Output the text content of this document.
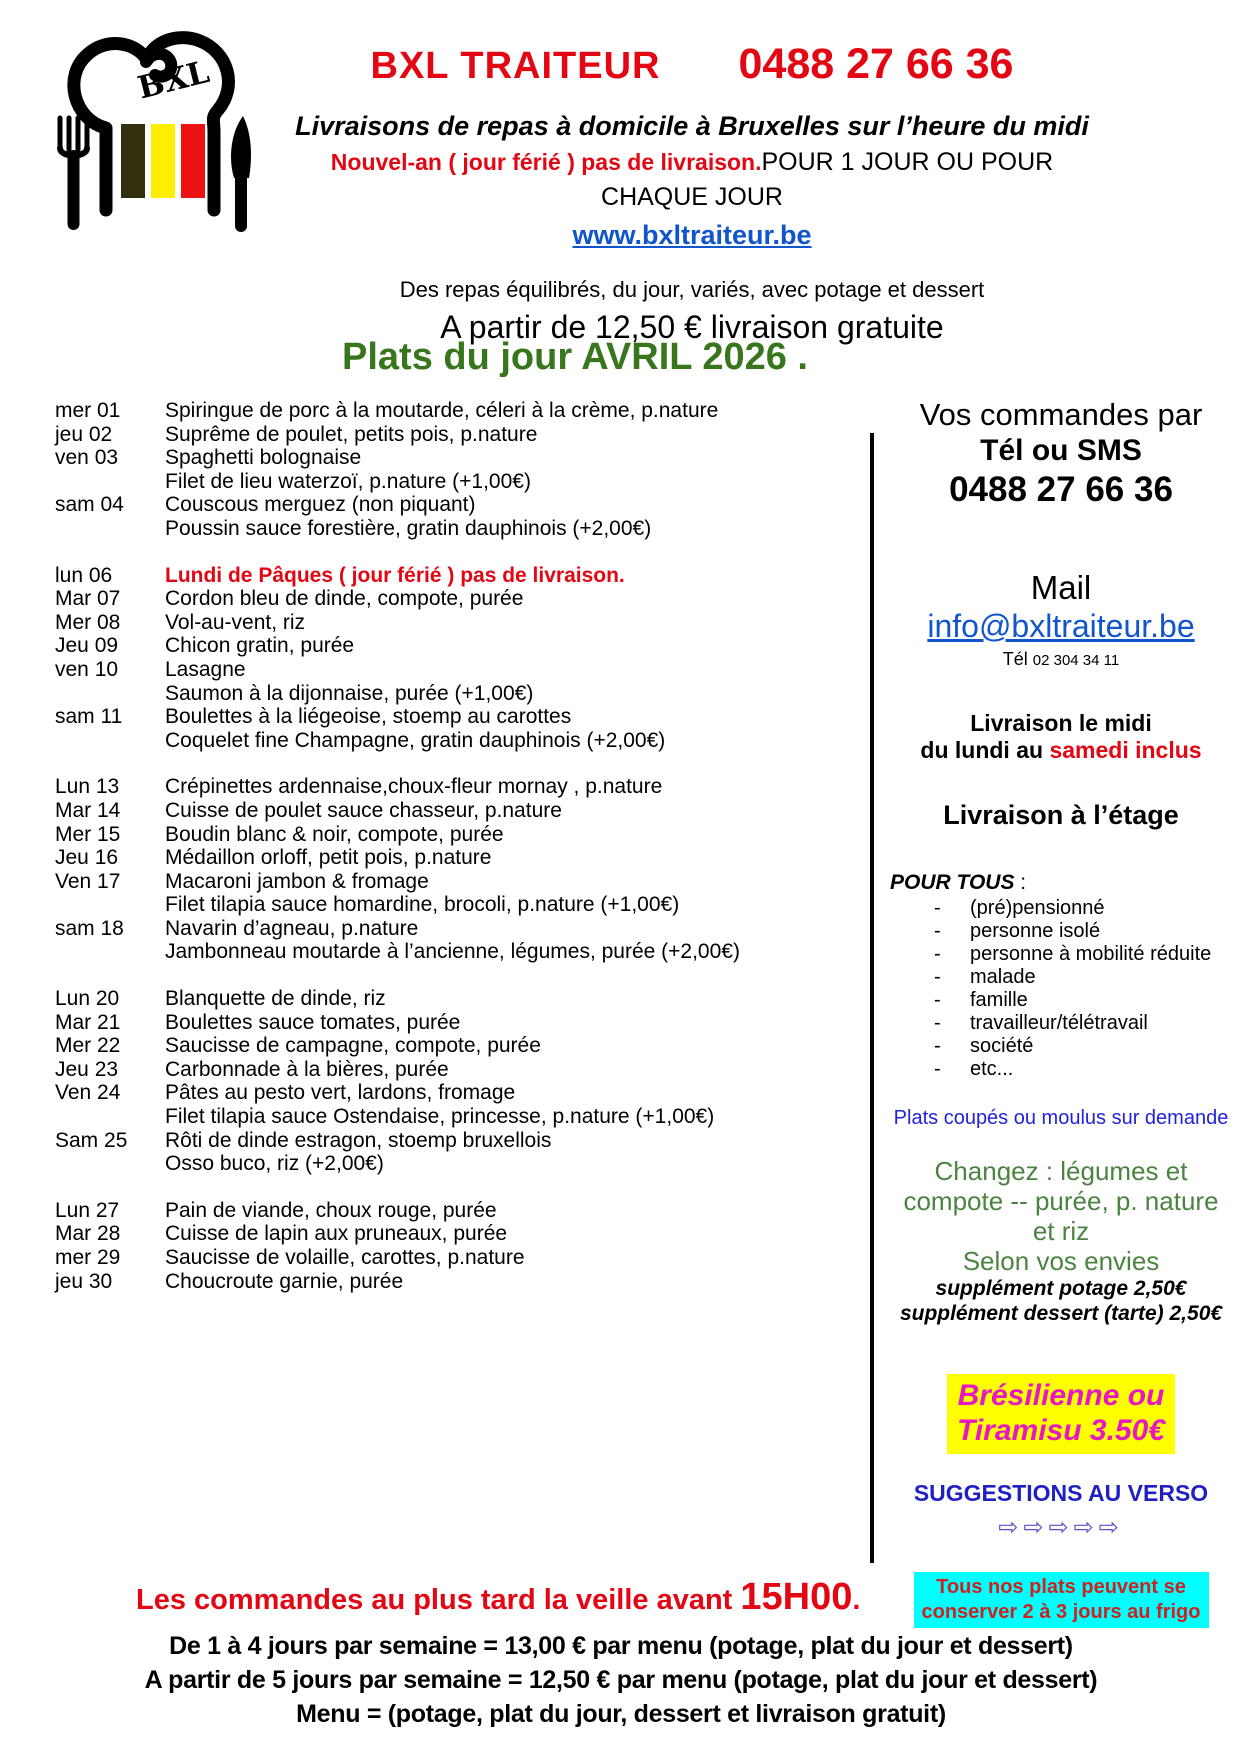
BXL	BXL TRAITEUR 0488 27 66 36
Livraisons de repas à domicile à Bruxelles sur l’heure du midi
Nouvel-an ( jour férié ) pas de livraison.POUR 1 JOUR OU POUR
CHAQUE JOUR
www.bxltraiteur.be
Des repas équilibrés, du jour, variés, avec potage et dessert
A partir de 12,50 € livraison gratuite
Plats du jour AVRIL 2026 .
mer 01	Spiringue de porc à la moutarde, céleri à la crème, p.nature
jeu 02	Suprême de poulet, petits pois, p.nature
ven 03	Spaghetti bolognaise
Filet de lieu waterzoï, p.nature (+1,00€)
sam 04	Couscous merguez (non piquant)
Poussin sauce forestière, gratin dauphinois (+2,00€)
lun 06	Lundi de Pâques ( jour férié ) pas de livraison.
Mar 07	Cordon bleu de dinde, compote, purée
Mer 08	Vol-au-vent, riz
Jeu 09	Chicon gratin, purée
ven 10	Lasagne
Saumon à la dijonnaise, purée (+1,00€)
sam 11	Boulettes à la liégeoise, stoemp au carottes
Coquelet fine Champagne, gratin dauphinois (+2,00€)
Lun 13	Crépinettes ardennaise,choux-fleur mornay , p.nature
Mar 14	Cuisse de poulet sauce chasseur, p.nature
Mer 15	Boudin blanc & noir, compote, purée
Jeu 16	Médaillon orloff, petit pois, p.nature
Ven 17	Macaroni jambon & fromage
Filet tilapia sauce homardine, brocoli, p.nature (+1,00€)
sam 18	Navarin d’agneau, p.nature
Jambonneau moutarde à l’ancienne, légumes, purée (+2,00€)
Lun 20	Blanquette de dinde, riz
Mar 21	Boulettes sauce tomates, purée
Mer 22	Saucisse de campagne, compote, purée
Jeu 23	Carbonnade à la bières, purée
Ven 24	Pâtes au pesto vert, lardons, fromage
Filet tilapia sauce Ostendaise, princesse, p.nature (+1,00€)
Sam 25	Rôti de dinde estragon, stoemp bruxellois
Osso buco, riz (+2,00€)
Lun 27	Pain de viande, choux rouge, purée
Mar 28	Cuisse de lapin aux pruneaux, purée
mer 29	Saucisse de volaille, carottes, p.nature
jeu 30	Choucroute garnie, purée
Vos commandes par
Tél ou SMS
0488 27 66 36
Mail
info@bxltraiteur.be
Tél 02 304 34 11
Livraison le midi
du lundi au samedi inclus
Livraison à l’étage
POUR TOUS :
-	(pré)pensionné
-	personne isolé
-	personne à mobilité réduite
-	malade
-	famille
-	travailleur/télétravail
-	société
-	etc...
Plats coupés ou moulus sur demande
Changez : légumes et
compote -- purée, p. nature
et riz
Selon vos envies
supplément potage 2,50€
supplément dessert (tarte) 2,50€

Brésilienne ou
Tiramisu 3.50€
SUGGESTIONS AU VERSO
⇨⇨⇨⇨⇨

Tous nos plats peuvent se
conserver 2 à 3 jours au frigo
Les commandes au plus tard la veille avant 15H00.
De 1 à 4 jours par semaine = 13,00 € par menu (potage, plat du jour et dessert)
A partir de 5 jours par semaine = 12,50 € par menu (potage, plat du jour et dessert)
Menu = (potage, plat du jour, dessert et livraison gratuit)
